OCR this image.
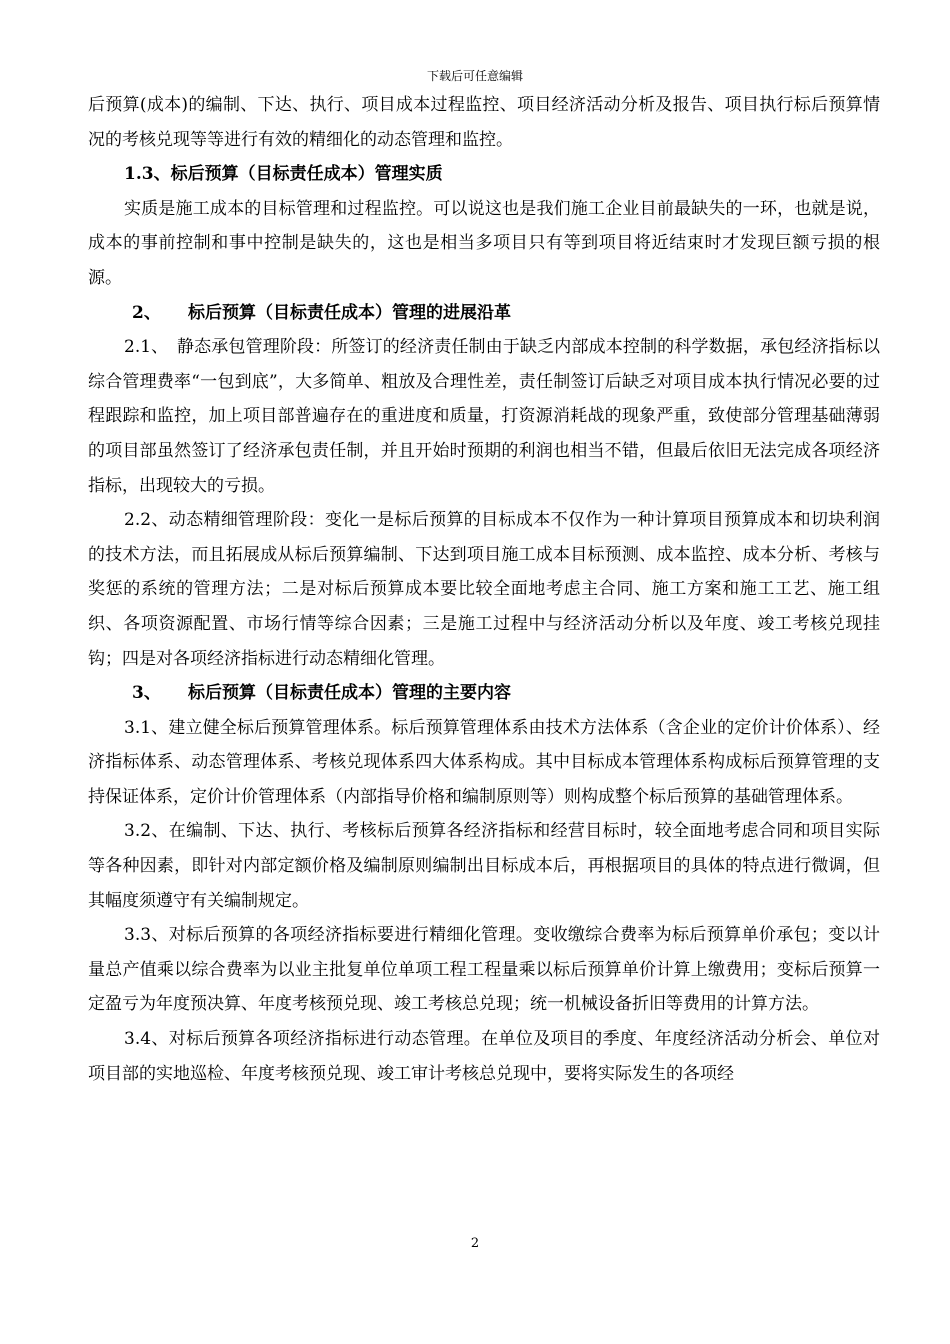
下载后可任意编辑

后预算(成本)的编制、下达、执行、项目成本过程监控、项目经济活动分析及报告、项目执行标后预算情况的考核兑现等等进行有效的精细化的动态管理和监控。

1.3、标后预算（目标责任成本）管理实质

实质是施工成本的目标管理和过程监控。可以说这也是我们施工企业目前最缺失的一环，也就是说，成本的事前控制和事中控制是缺失的，这也是相当多项目只有等到项目将近结束时才发现巨额亏损的根源。

2、 标后预算（目标责任成本）管理的进展沿革

2.1、　静态承包管理阶段：所签订的经济责任制由于缺乏内部成本控制的科学数据，承包经济指标以综合管理费率“一包到底”，大多简单、粗放及合理性差，责任制签订后缺乏对项目成本执行情况必要的过程跟踪和监控，加上项目部普遍存在的重进度和质量，打资源消耗战的现象严重，致使部分管理基础薄弱的项目部虽然签订了经济承包责任制，并且开始时预期的利润也相当不错，但最后依旧无法完成各项经济指标，出现较大的亏损。

2.2、动态精细管理阶段：变化一是标后预算的目标成本不仅作为一种计算项目预算成本和切块利润的技术方法，而且拓展成从标后预算编制、下达到项目施工成本目标预测、成本监控、成本分析、考核与奖惩的系统的管理方法；二是对标后预算成本要比较全面地考虑主合同、施工方案和施工工艺、施工组织、各项资源配置、市场行情等综合因素；三是施工过程中与经济活动分析以及年度、竣工考核兑现挂钩；四是对各项经济指标进行动态精细化管理。

3、 标后预算（目标责任成本）管理的主要内容

3.1、建立健全标后预算管理体系。标后预算管理体系由技术方法体系（含企业的定价计价体系）、经济指标体系、动态管理体系、考核兑现体系四大体系构成。其中目标成本管理体系构成标后预算管理的支持保证体系，定价计价管理体系（内部指导价格和编制原则等）则构成整个标后预算的基础管理体系。

3.2、在编制、下达、执行、考核标后预算各经济指标和经营目标时，较全面地考虑合同和项目实际等各种因素，即针对内部定额价格及编制原则编制出目标成本后，再根据项目的具体的特点进行微调，但其幅度须遵守有关编制规定。

3.3、对标后预算的各项经济指标要进行精细化管理。变收缴综合费率为标后预算单价承包；变以计量总产值乘以综合费率为以业主批复单位单项工程工程量乘以标后预算单价计算上缴费用；变标后预算一定盈亏为年度预决算、年度考核预兑现、竣工考核总兑现；统一机械设备折旧等费用的计算方法。

3.4、对标后预算各项经济指标进行动态管理。在单位及项目的季度、年度经济活动分析会、单位对项目部的实地巡检、年度考核预兑现、竣工审计考核总兑现中，要将实际发生的各项经

2
